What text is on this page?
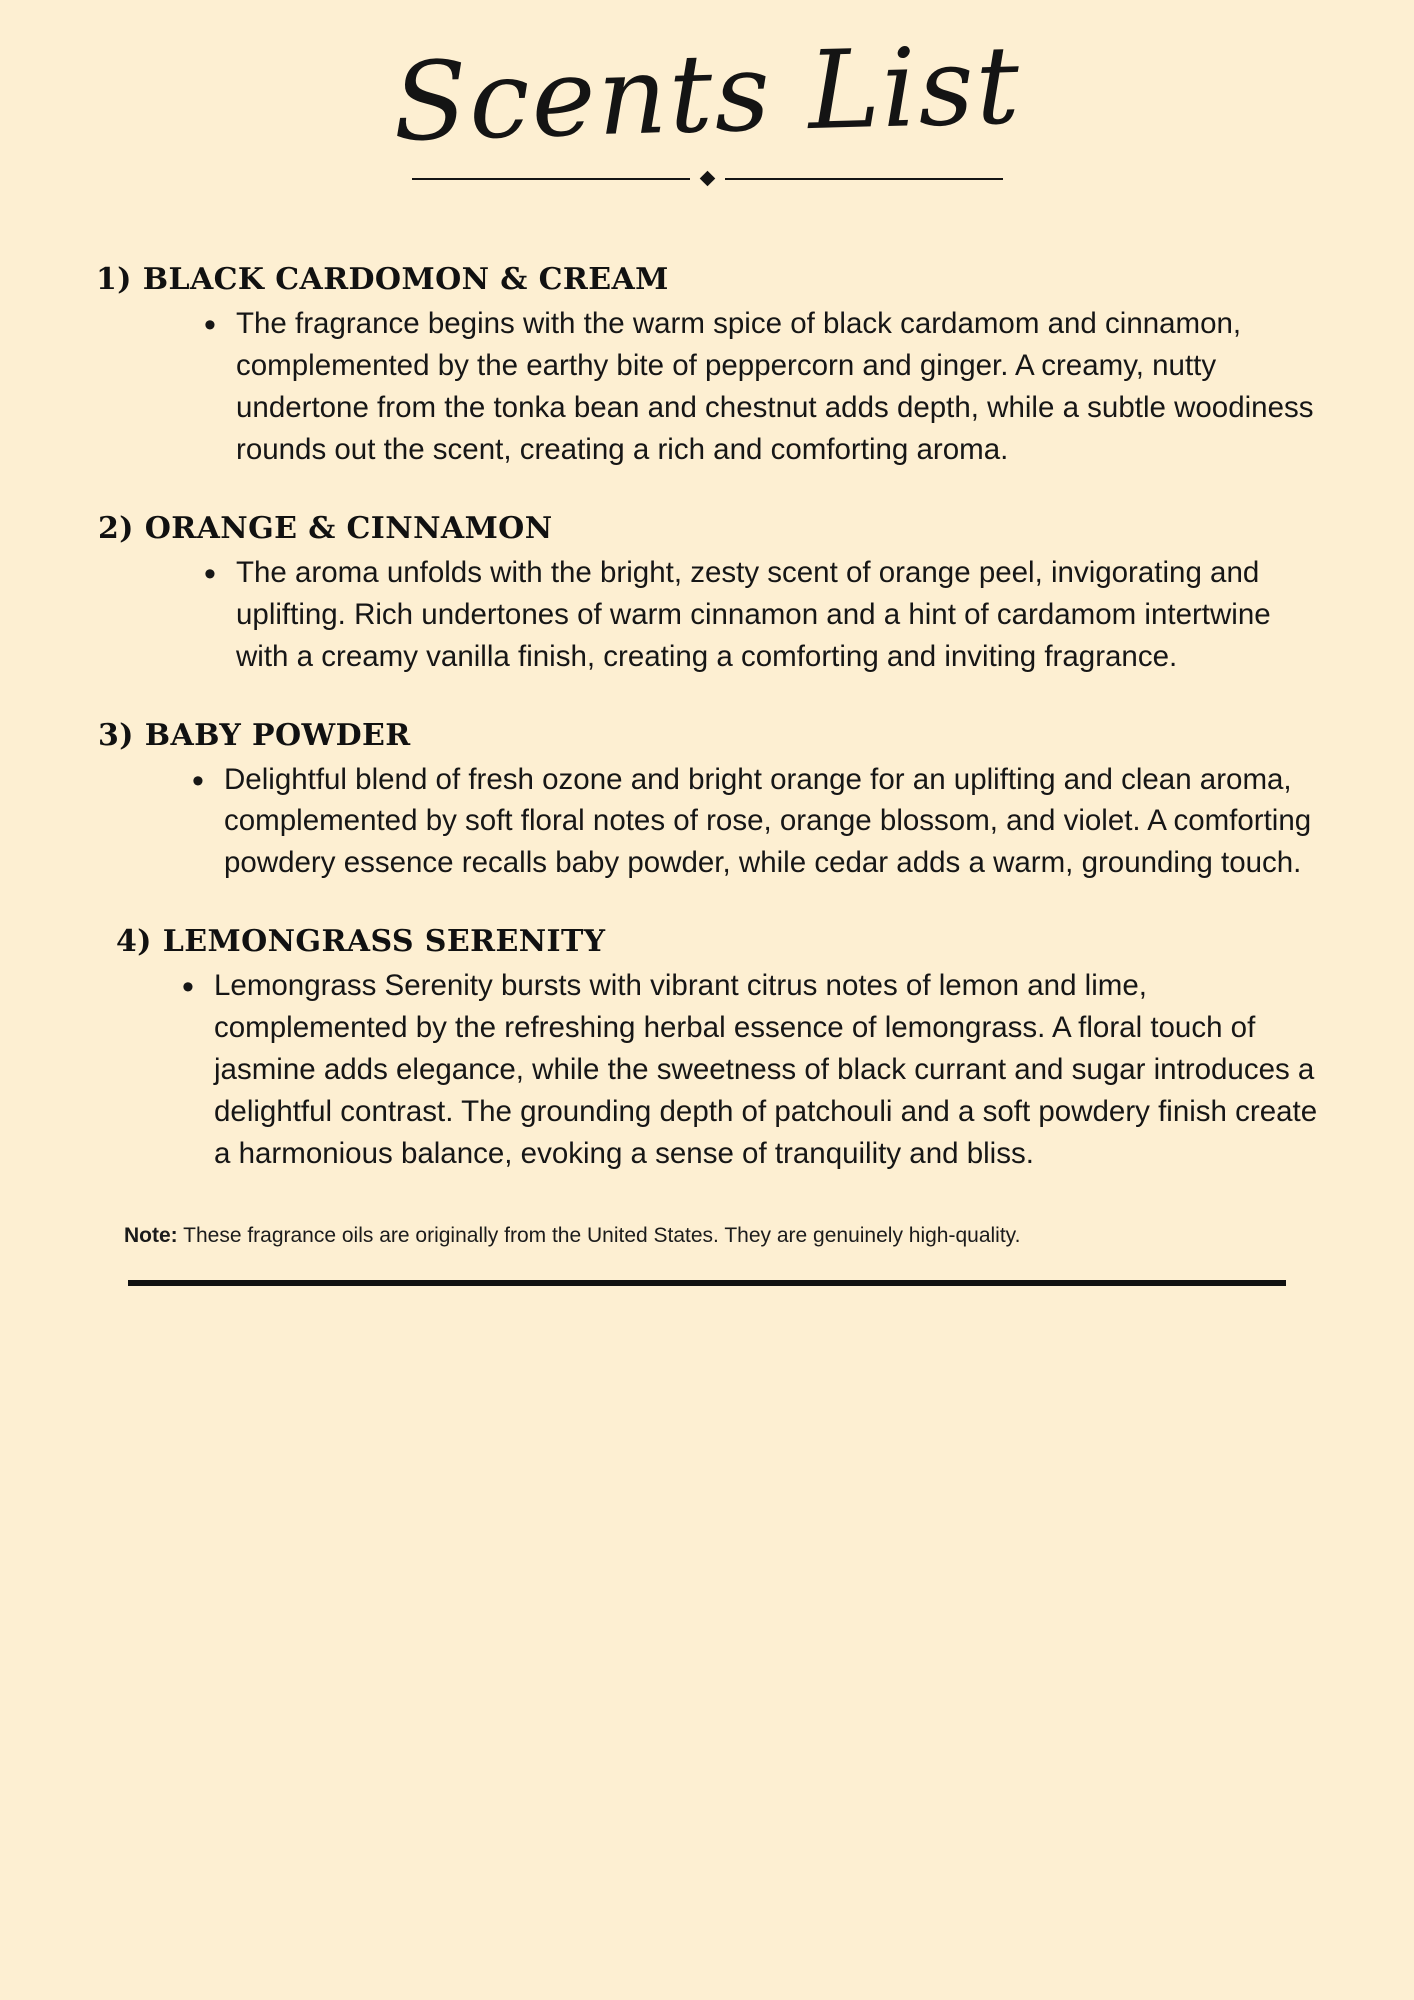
Scents List

1) BLACK CARDOMON & CREAM

• The fragrance begins with the warm spice of black cardamom and cinnamon, complemented by the earthy bite of peppercorn and ginger. A creamy, nutty undertone from the tonka bean and chestnut adds depth, while a subtle woodiness rounds out the scent, creating a rich and comforting aroma.

2) ORANGE & CINNAMON

• The aroma unfolds with the bright, zesty scent of orange peel, invigorating and uplifting. Rich undertones of warm cinnamon and a hint of cardamom intertwine with a creamy vanilla finish, creating a comforting and inviting fragrance.

3) BABY POWDER

• Delightful blend of fresh ozone and bright orange for an uplifting and clean aroma, complemented by soft floral notes of rose, orange blossom, and violet. A comforting powdery essence recalls baby powder, while cedar adds a warm, grounding touch.

4) LEMONGRASS SERENITY

• Lemongrass Serenity bursts with vibrant citrus notes of lemon and lime, complemented by the refreshing herbal essence of lemongrass. A floral touch of jasmine adds elegance, while the sweetness of black currant and sugar introduces a delightful contrast. The grounding depth of patchouli and a soft powdery finish create a harmonious balance, evoking a sense of tranquility and bliss.
Note: These fragrance oils are originally from the United States. They are genuinely high-quality.
